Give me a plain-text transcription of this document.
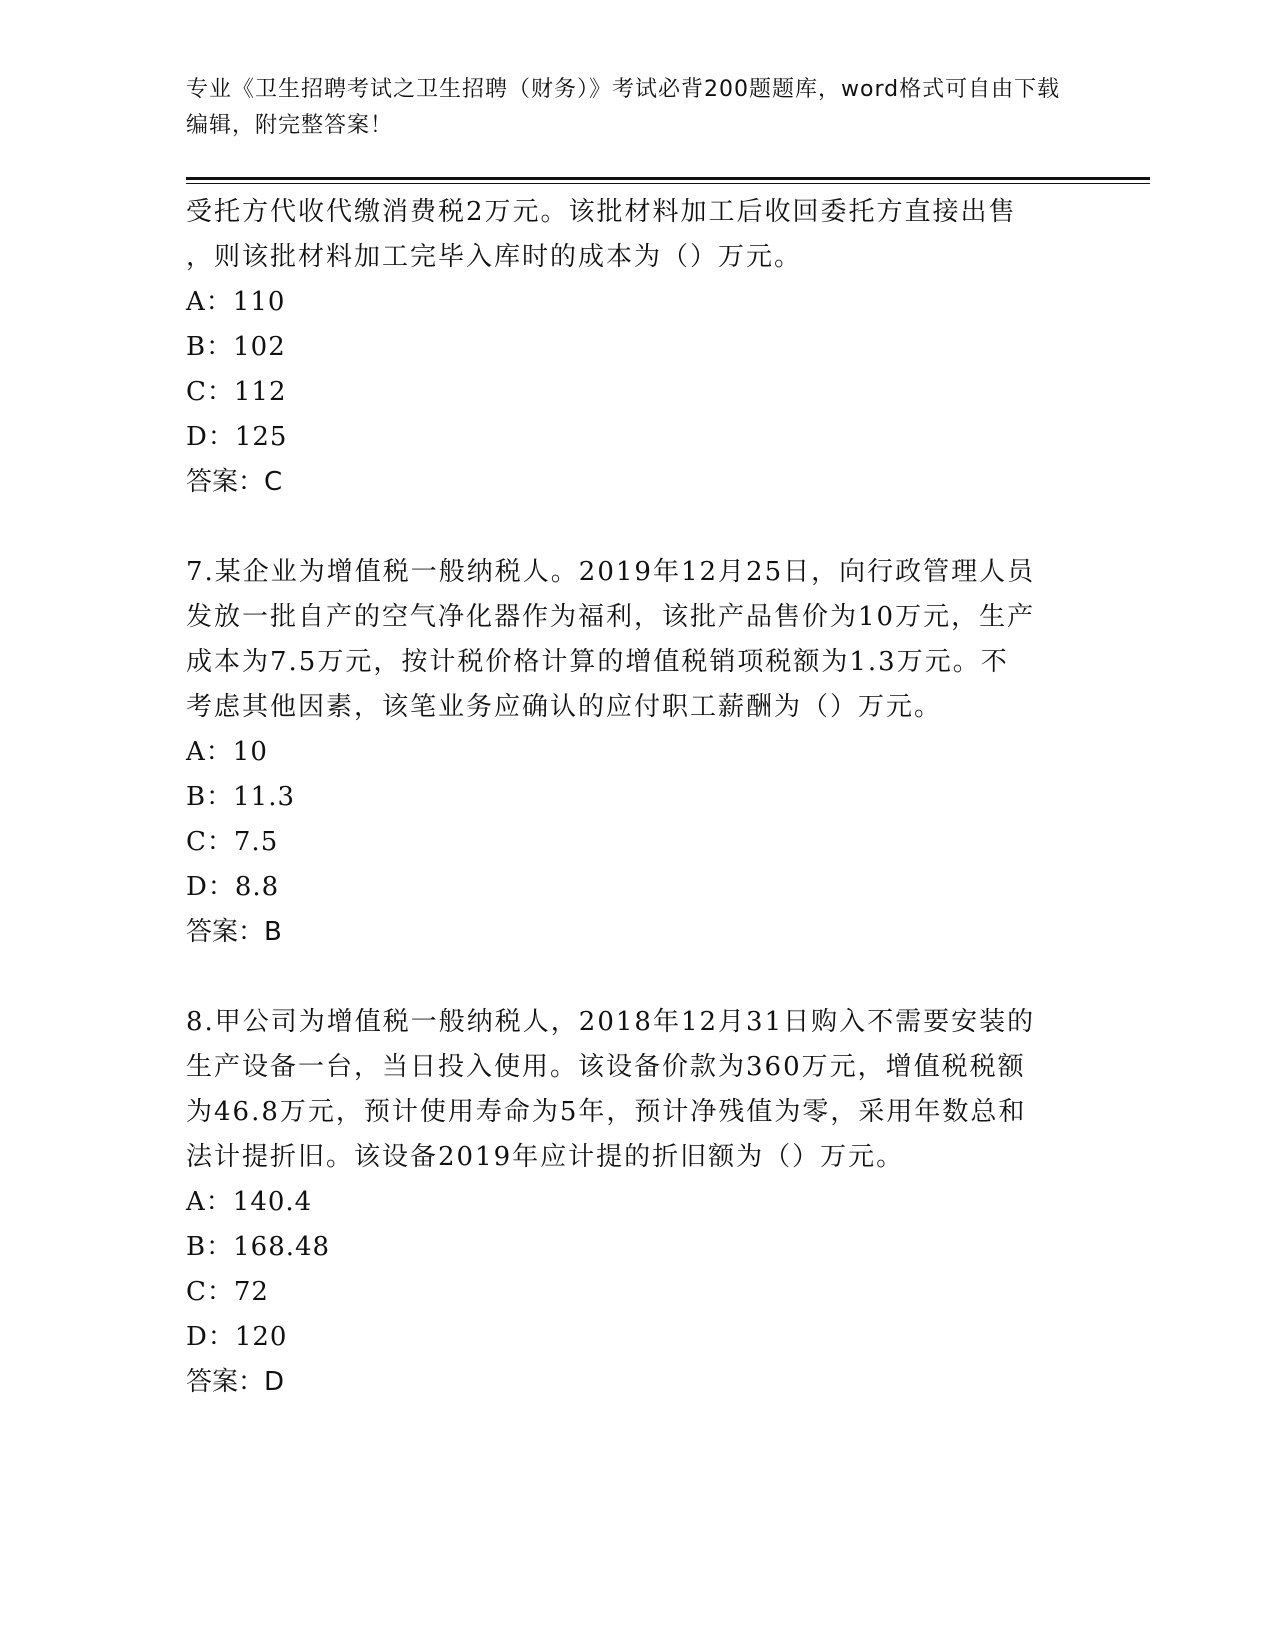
专业《卫生招聘考试之卫生招聘（财务）》考试必背200题题库，word格式可自由下载编辑，附完整答案！

受托方代收代缴消费税2万元。该批材料加工后收回委托方直接出售

，则该批材料加工完毕入库时的成本为（）万元。

A：110

B：102

C：112

D：125

答案：C

7.某企业为增值税一般纳税人。2019年12月25日，向行政管理人员

发放一批自产的空气净化器作为福利，该批产品售价为10万元，生产

成本为7.5万元，按计税价格计算的增值税销项税额为1.3万元。不

考虑其他因素，该笔业务应确认的应付职工薪酬为（）万元。

A：10

B：11.3

C：7.5

D：8.8

答案：B

8.甲公司为增值税一般纳税人，2018年12月31日购入不需要安装的

生产设备一台，当日投入使用。该设备价款为360万元，增值税税额

为46.8万元，预计使用寿命为5年，预计净残值为零，采用年数总和

法计提折旧。该设备2019年应计提的折旧额为（）万元。

A：140.4

B：168.48

C：72

D：120

答案：D
